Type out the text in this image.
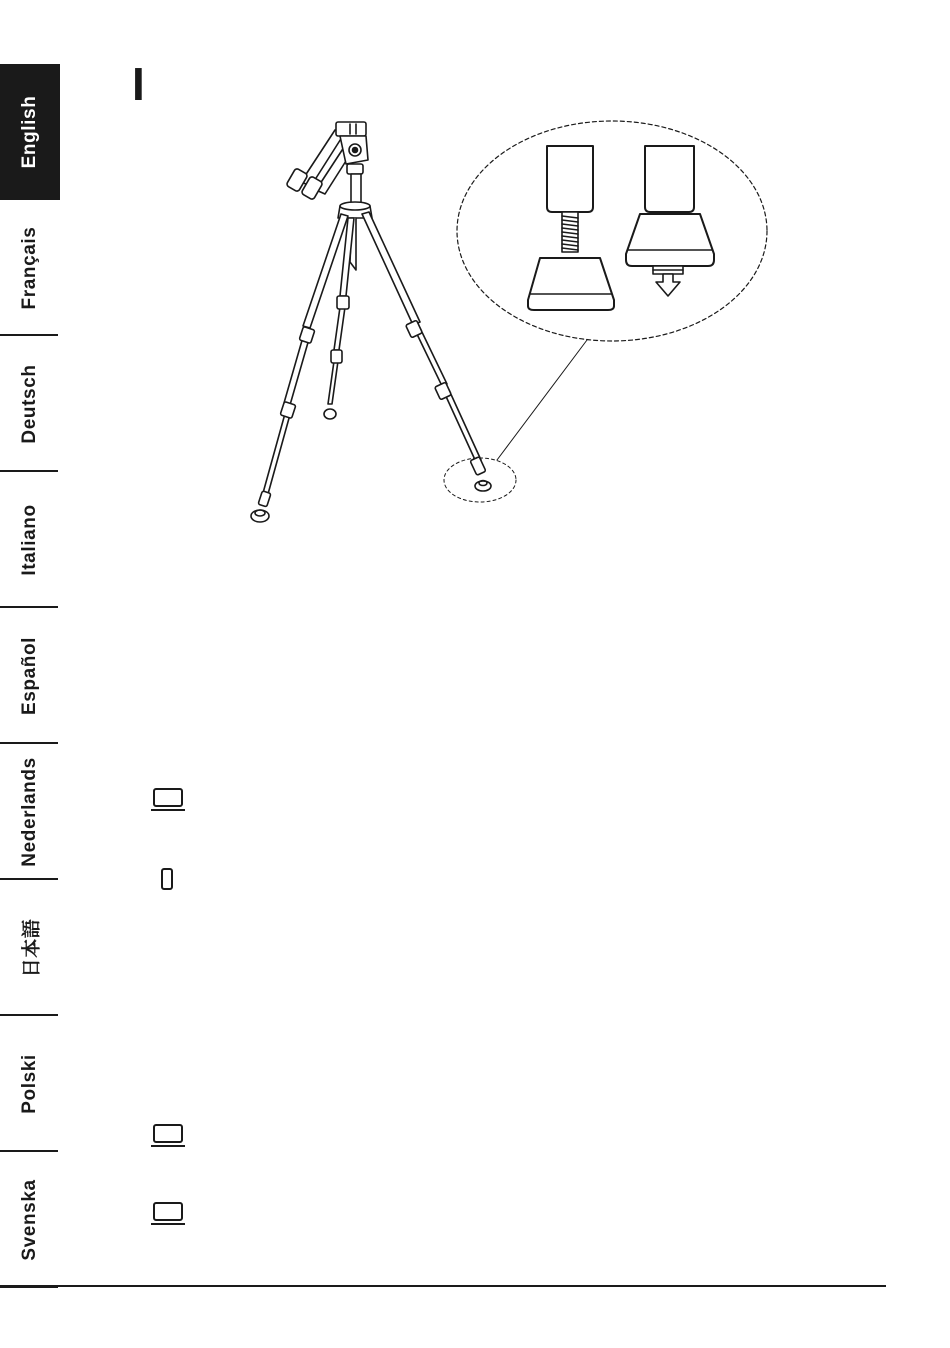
English
Français
Deutsch
Italiano
Español
Nederlands
日本語
Polski
Svenska
I
